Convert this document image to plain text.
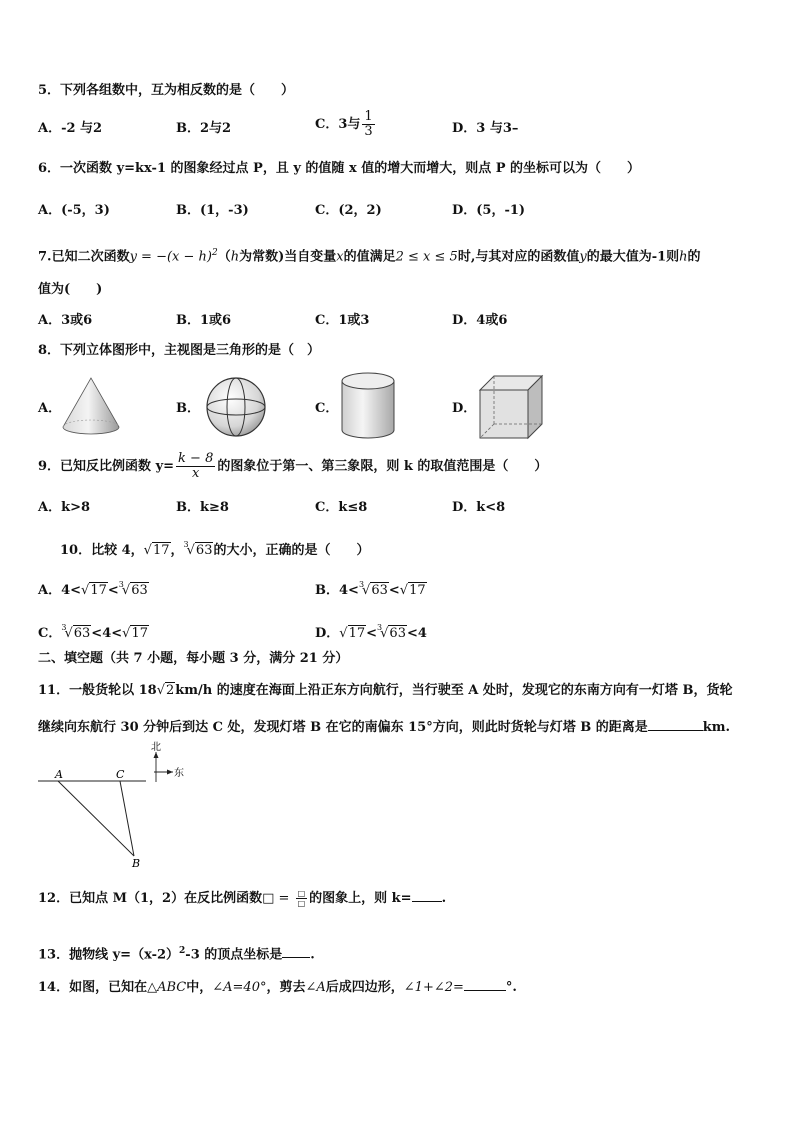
5．下列各组数中，互为相反数的是（　　）
A．-2 与2	B．2与2	C．3与 $\frac{1}{3}$	D．3 与3–
6．一次函数 y=kx-1 的图象经过点 P，且 y 的值随 x 值的增大而增大，则点 P 的坐标可以为（　　）
A．(-5，3)	B．(1，-3)	C．(2，2)	D．(5，-1)
7.已知二次函数$y = -(x - h)^2(h$为常数)当自变量x的值满足2 ≤ x ≤ 5时,与其对应的函数值y的最大值为-1则h的
值为(　　)
A．3或6	B．1或6	C．1或3	D．4或6
8．下列立体图形中，主视图是三角形的是（　）
A．	B．	C．	D．
9．已知反比例函数 $y= \frac{k - 8}{x}$ 的图象位于第一、第三象限，则 k 的取值范围是（　　）
A．k>8	B．k≥8	C．k≤8	D．k<8
10．比较 4，√17，$^3$√63的大小，正确的是（　　）
A．4<√17<$^3$√63	B．4<$^3$√63<√17
C．$^3$√63<4<√17	D．√17<$^3$√63<4
二、填空题（共 7 小题，每小题 3 分，满分 21 分）
11．一般货轮以 18√2km/h 的速度在海面上沿正东方向航行，当行驶至 A 处时，发现它的东南方向有一灯塔 B，货轮
继续向东航行 30 分钟后到达 C 处，发现灯塔 B 在它的南偏东 15°方向，则此时货轮与灯塔 B 的距离是	km.
北
东
A	C
B
12．已知点 M（1，2）在反比例函数□ = $\frac{□}{□}$ 的图象上，则 k= .
13．抛物线 $y=(x-2)^2-3$ 的顶点坐标是 .
14．如图，已知在△ABC中，∠A=40°，剪去∠A后成四边形，∠1+∠2=	°.
